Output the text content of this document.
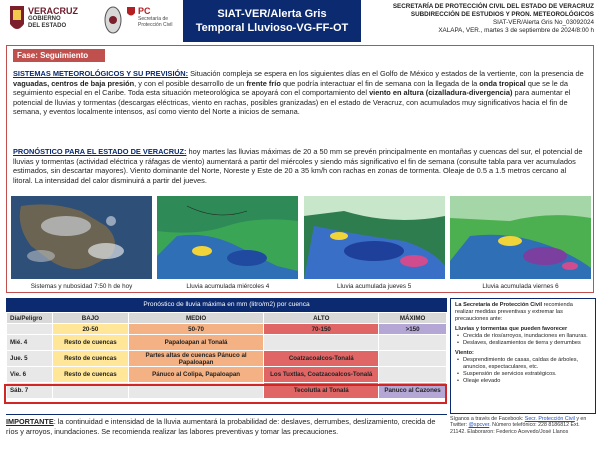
VERACRUZ
GOBIERNO
DEL ESTADO
PC
Secretaría de
Protección Civil
SIAT-VER/Alerta Gris
Temporal Lluvioso-VG-FF-OT
SECRETARÍA DE PROTECCIÓN CIVIL DEL ESTADO DE VERACRUZ
SUBDIRECCIÓN DE ESTUDIOS Y PRON. METEOROLÓGICOS
SIAT-VER/Alerta Gris No_03092024
XALAPA, VER., martes 3 de septiembre de 2024/8:00 h
Fase: Seguimiento
SISTEMAS METEOROLÓGICOS Y SU PREVISIÓN: Situación compleja se espera en los siguientes días en el Golfo de México y estados de la vertiente, con la presencia de vaguadas, centros de baja presión, y con el posible desarrollo de un frente frío que podría interactuar el fin de semana con la llegada de la onda tropical que se le da seguimiento especial en el Caribe. Toda esta situación meteorológica se apoyará con el comportamiento del viento en altura (cizalladura-divergencia) para aumentar el potencial de lluvias y tormentas (descargas eléctricas, viento en rachas, posibles granizadas) en el estado de Veracruz, con acumulados muy significativos hacia el fin de semana, y eventos localmente intensos, así como viento del Norte a inicios de semana.
PRONÓSTICO PARA EL ESTADO DE VERACRUZ: hoy martes las lluvias máximas de 20 a 50 mm se prevén principalmente en montañas y cuencas del sur, el potencial de lluvias y tormentas (actividad eléctrica y ráfagas de viento) aumentará a partir del miércoles y siendo más significativo el fin de semana (consulte tabla para ver acumulados estimados, sin descartar mayores). Viento dominante del Norte, Noreste y Este de 20 a 35 km/h con rachas en zonas de tormenta. Oleaje de 0.5 a 1.5 metros cercano al litoral. La intensidad del calor disminuirá a partir del jueves.
Sistemas y nubosidad 7:50 h de hoy	Lluvia acumulada miércoles 4	Lluvia acumulada jueves 5	Lluvia acumulada viernes 6
Pronóstico de lluvia máxima en mm (litro/m2) por cuenca
Día/Peligro	BAJO	MEDIO	ALTO	MÁXIMO
	20-50	50-70	70-150	>150
Mié. 4	Resto de cuencas	Papaloapan al Tonalá		
Jue. 5	Resto de cuencas	Partes altas de cuencas Pánuco al Papaloapan	Coatzacoalcos-Tonalá	
Vie. 6	Resto de cuencas	Pánuco al Colipa, Papaloapan	Los Tuxtlas, Coatzacoalcos-Tonalá	
Sáb. 7			Tecolutla al Tonalá	Panuco al Cazones
La Secretaría de Protección Civil recomienda realizar medidas preventivas y extremar las precauciones ante:
Lluvias y tormentas que pueden favorecer
• Crecida de ríos/arroyos, inundaciones en llanuras.
• Deslaves, deslizamientos de tierra y derrumbes
Viento:
• Desprendimiento de casas, caídas de árboles, anuncios, espectaculares, etc.
• Suspensión de servicios estratégicos.
• Oleaje elevado
IMPORTANTE: la continuidad e intensidad de la lluvia aumentará la probabilidad de: deslaves, derrumbes, deslizamiento, crecida de ríos y arroyos, inundaciones. Se recomienda realizar las labores preventivas y tomar las precauciones.
Síganos a través de Facebook: Secr. Protección Civil y en
Twitter: @spcver. Número telefónico: 228 8186812 Ext.
21142. Elaboraron: Federico Acevedo/José Llanos
